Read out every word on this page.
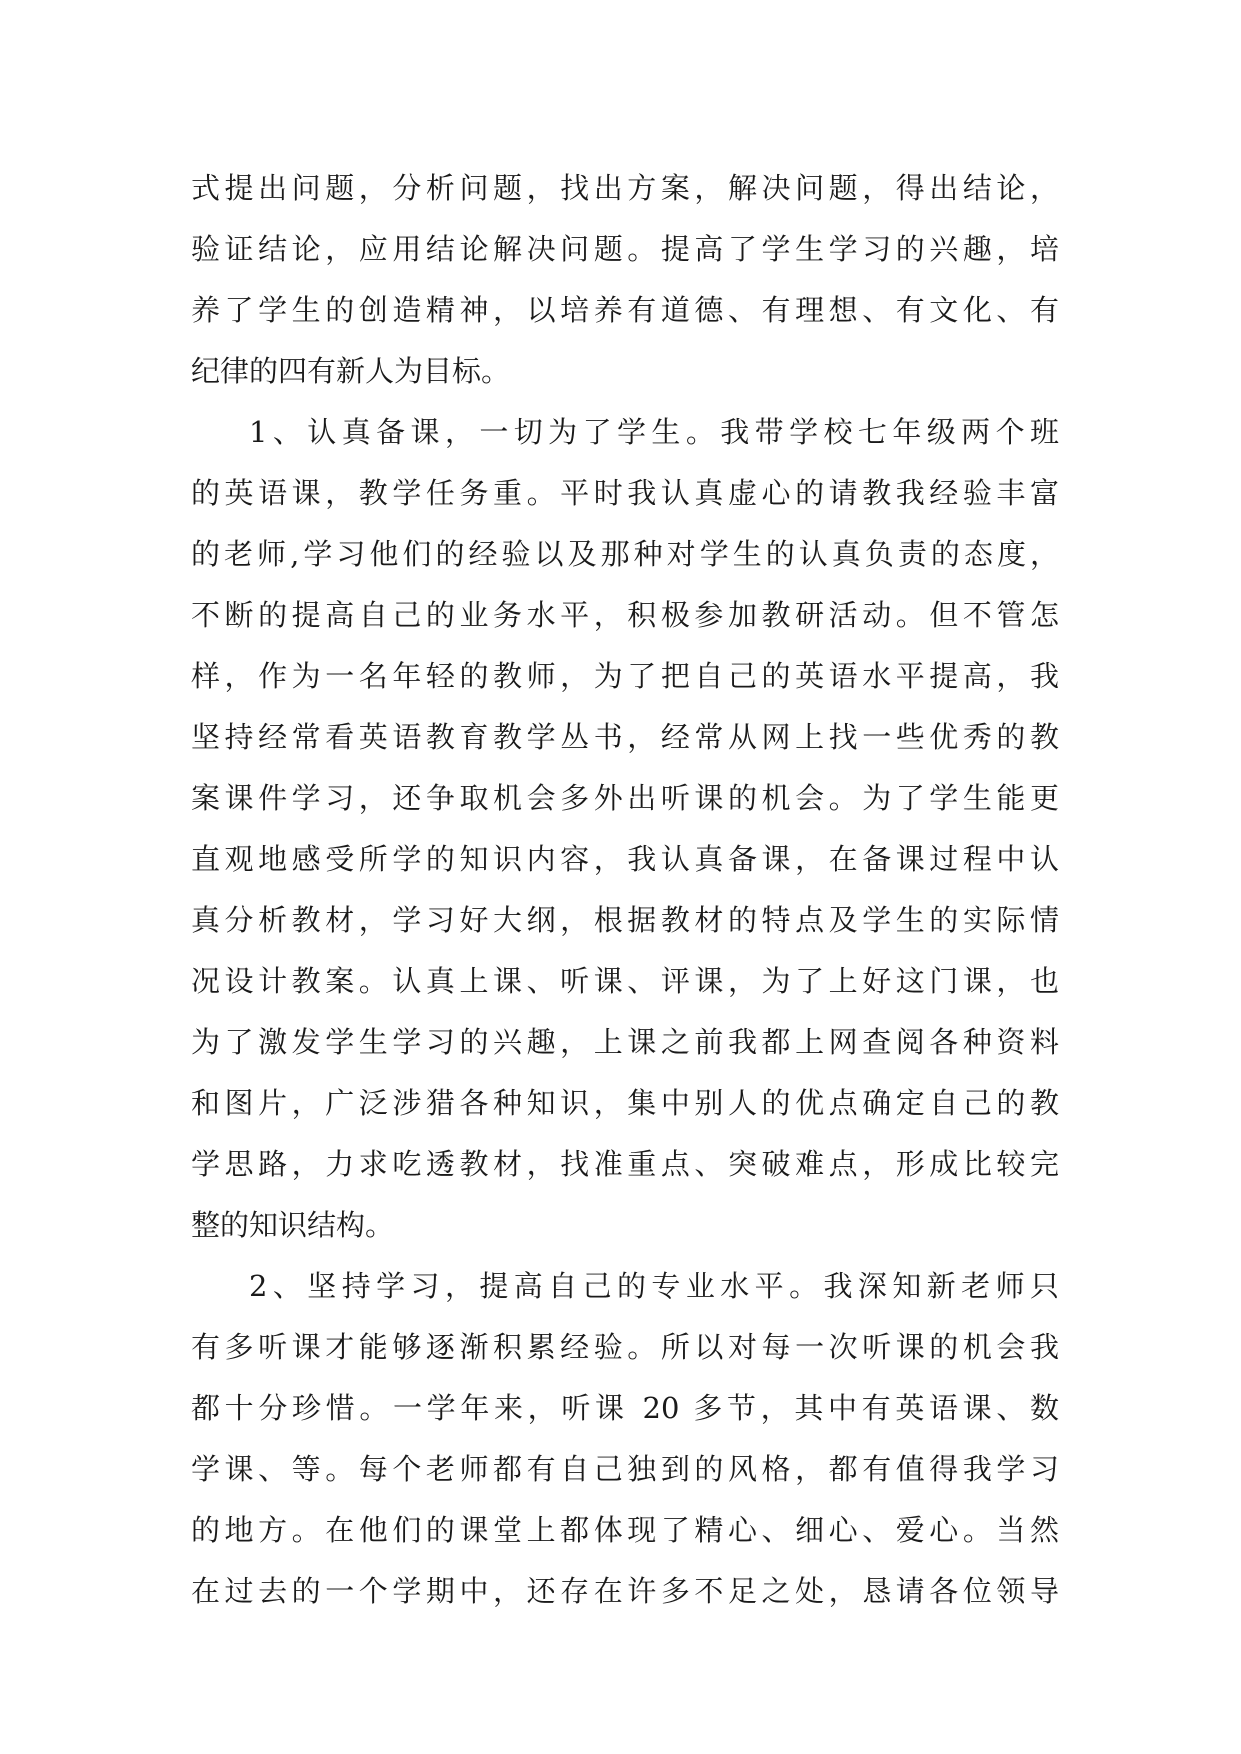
式提出问题，分析问题，找出方案，解决问题，得出结论，
验证结论，应用结论解决问题。提高了学生学习的兴趣，培
养了学生的创造精神，以培养有道德、有理想、有文化、有
纪律的四有新人为目标。
1、认真备课，一切为了学生。我带学校七年级两个班
的英语课，教学任务重。平时我认真虚心的请教我经验丰富
的老师,学习他们的经验以及那种对学生的认真负责的态度，
不断的提高自己的业务水平，积极参加教研活动。但不管怎
样，作为一名年轻的教师，为了把自己的英语水平提高，我
坚持经常看英语教育教学丛书，经常从网上找一些优秀的教
案课件学习，还争取机会多外出听课的机会。为了学生能更
直观地感受所学的知识内容，我认真备课，在备课过程中认
真分析教材，学习好大纲，根据教材的特点及学生的实际情
况设计教案。认真上课、听课、评课，为了上好这门课，也
为了激发学生学习的兴趣，上课之前我都上网查阅各种资料
和图片，广泛涉猎各种知识，集中别人的优点确定自己的教
学思路，力求吃透教材，找准重点、突破难点，形成比较完
整的知识结构。
2、坚持学习，提高自己的专业水平。我深知新老师只
有多听课才能够逐渐积累经验。所以对每一次听课的机会我
都十分珍惜。一学年来，听课 20 多节，其中有英语课、数
学课、等。每个老师都有自己独到的风格，都有值得我学习
的地方。在他们的课堂上都体现了精心、细心、爱心。当然
在过去的一个学期中，还存在许多不足之处，恳请各位领导
